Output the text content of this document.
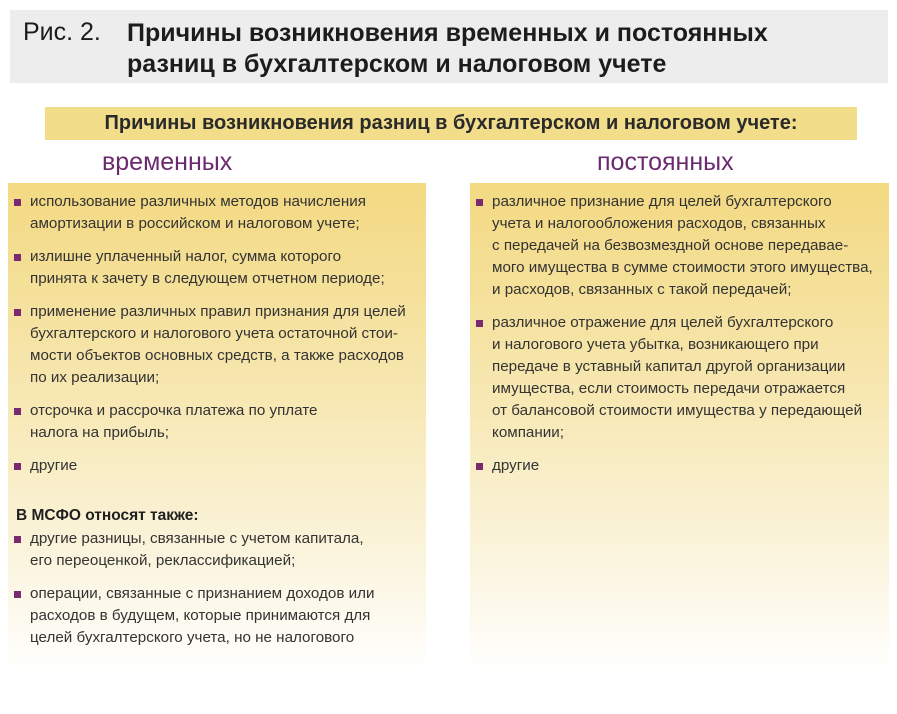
Рис. 2. Причины возникновения временных и постоянных
разниц в бухгалтерском и налоговом учете
Причины возникновения разниц в бухгалтерском и налоговом учете:
временных	постоянных
использование различных методов начисления
амортизации в российском и налоговом учете;
излишне уплаченный налог, сумма которого
принята к зачету в следующем отчетном периоде;
применение различных правил признания для целей
бухгалтерского и налогового учета остаточной стои-
мости объектов основных средств, а также расходов
по их реализации;
отсрочка и рассрочка платежа по уплате
налога на прибыль;
другие
В МСФО относят также:
другие разницы, связанные с учетом капитала,
его переоценкой, реклассификацией;
операции, связанные с признанием доходов или
расходов в будущем, которые принимаются для
целей бухгалтерского учета, но не налогового
различное признание для целей бухгалтерского
учета и налогообложения расходов, связанных
с передачей на безвозмездной основе передавае-
мого имущества в сумме стоимости этого имущества,
и расходов, связанных с такой передачей;
различное отражение для целей бухгалтерского
и налогового учета убытка, возникающего при
передаче в уставный капитал другой организации
имущества, если стоимость передачи отражается
от балансовой стоимости имущества у передающей
компании;
другие
